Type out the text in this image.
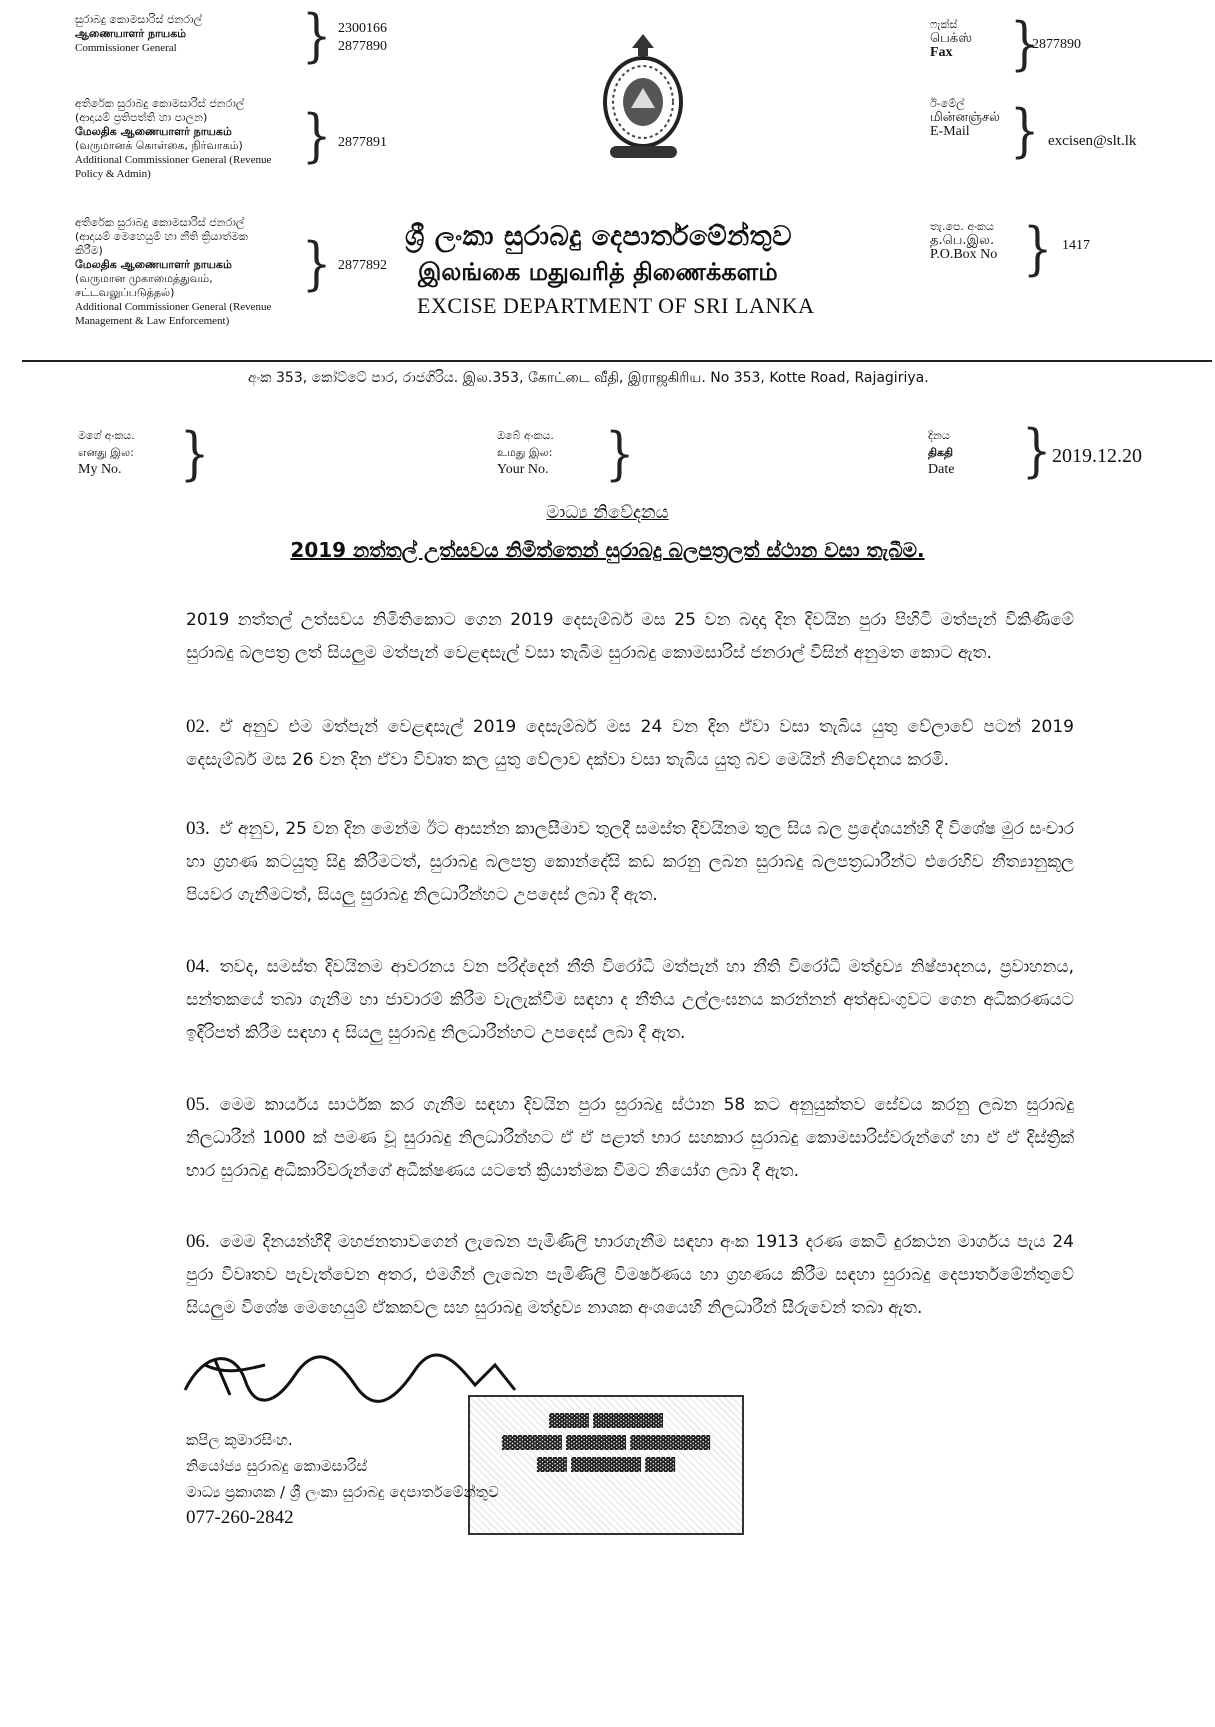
සුරාබදු කොමසාරිස් ජනරාල්
ஆணையாளர் நாயகம்
Commissioner General	} 2300166
2877890
අතිරේක සුරාබදු කොමසාරිස් ජනරාල්
(ආදායම් ප්‍රතිපත්ති හා පාලන)
மேலதிக ஆணையாளர் நாயகம்
(வருமானக் கொள்கை, நிர்வாகம்)
Additional Commissioner General (Revenue
Policy & Admin)
} 2877891
අතිරේක සුරාබදු කොමසාරිස් ජනරාල්
(ආදායම් මෙහෙයුම් හා නීති ක්‍රියාත්මක
කිරීම)
மேலதிக ஆணையாளர் நாயகம்
(வருமான முகாமைத்துவம்,
சட்டவலுப்படுத்தல்)
Additional Commissioner General (Revenue
Management & Law Enforcement)
} 2877892
ශ්‍රී ලංකා සුරාබදු දෙපාර්තමේන්තුව
இலங்கை மதுவரித் திணைக்களம்
EXCISE DEPARTMENT OF SRI LANKA
ෆැක්ස්
பெக்ஸ்
Fax	}
2877890
ඊ-මේල්
மின்னஞ்சல்
E-Mail } excisen@slt.lk
තැ.පෙ. අංකය
த.பெ.இல.
P.O.Box No } 1417
අංක 353, කෝට්ටේ පාර, රාජගිරිය. இல.353, கோட்டை வீதி, இராஜகிரிய. No 353, Kotte Road, Rajagiriya.
මගේ අංකය.
எனது இல:
My No. }	ඔබේ අංකය.
உமது இல:
Your No. }	දිනය
திகதி
Date } 2019.12.20
මාධ්‍ය නිවේදනය
2019 නත්තල් උත්සවය නිමිත්තෙන් සුරාබදු බලපත්‍රලත් ස්ථාන වසා තැබීම.
2019 නත්තල් උත්සවය නිමිතිකොට ගෙන 2019 දෙසැම්බර් මස 25 වන බදාදා දින දිවයින පුරා පිහිටි මත්පැන් විකිණීමේ සුරාබදු බලපත්‍ර ලත් සියලුම මත්පැන් වෙළඳසැල් වසා තැබීම සුරාබදු කොමසාරිස් ජනරාල් විසින් අනුමත කොට ඇත.
02. ඒ අනුව එම මත්පැන් වෙළඳසැල් 2019 දෙසැම්බර් මස 24 වන දින ඒවා වසා තැබිය යුතු වේලාවේ පටන් 2019 දෙසැම්බර් මස 26 වන දින ඒවා විවෘත කල යුතු වේලාව දක්වා වසා තැබිය යුතු බව මෙයින් නිවේදනය කරමි.
03. ඒ අනුව, 25 වන දින මෙන්ම ඊට ආසන්න කාලසීමාව තුලදී සමස්ත දිවයිනම තුල සිය බල ප්‍රදේශයන්හි දී විශේෂ මුර සංචාර හා ග්‍රහණ කටයුතු සිදු කිරීමටත්, සුරාබදු බලපත්‍ර කොන්දේසි කඩ කරනු ලබන සුරාබදු බලපත්‍රධාරීන්ට එරෙහිව නීත්‍යානුකූල පියවර ගැනීමටත්, සියලු සුරාබදු නිලධාරීන්හට උපදෙස් ලබා දී ඇත.
04. තවද, සමස්ත දිවයිනම ආවරනය වන පරිද්දෙන් නීති විරෝධී මත්පැන් හා නීති විරෝධී මත්ද්‍රව්‍ය නිෂ්පාදනය, ප්‍රවාහනය, සන්තකයේ තබා ගැනීම හා ජාවාරම් කිරීම වැලැක්වීම සඳහා ද නීතිය උල්ලංඝනය කරන්නන් අත්අඩංගුවට ගෙන අධිකරණයට ඉදිරිපත් කිරීම සඳහා ද සියලු සුරාබදු නිලධාරීන්හට උපදෙස් ලබා දී ඇත.
05. මෙම කාර්යය සාර්ථක කර ගැනීම සඳහා දිවයින පුරා සුරාබදු ස්ථාන 58 කට අනුයුක්තව සේවය කරනු ලබන සුරාබදු නිලධාරීන් 1000 ක් පමණ වූ සුරාබදු නිලධාරීන්හට ඒ ඒ පළාත් භාර සහකාර සුරාබදු කොමසාරිස්වරුන්ගේ හා ඒ ඒ දිස්ත්‍රික් භාර සුරාබදු අධිකාරිවරුන්ගේ අධීක්ෂණය යටතේ ක්‍රියාත්මක වීමට නියෝග ලබා දී ඇත.
06. මෙම දිනයන්හීදී මහජනතාවගෙන් ලැබෙන පැමිණිලි භාරගැනීම සඳහා අංක 1913 දරණ කෙටි දුරකථන මාර්ගය පැය 24 පුරා විවෘතව පැවැත්වෙන අතර, එමගින් ලැබෙන පැමිණිලි විමර්ෂණය හා ග්‍රහණය කිරීම සඳහා සුරාබදු දෙපාර්තමේන්තුවේ සියලුම විශේෂ මෙහෙයුම් ඒකකවල සහ සුරාබදු මත්ද්‍රව්‍ය නාශක අංශයෙහි නිලධාරීන් සීරුවෙන් තබා ඇත.
▓▓▓▓ ▓▓▓▓▓▓▓
▓▓▓▓▓▓ ▓▓▓▓▓▓ ▓▓▓▓▓▓▓▓
▓▓▓ ▓▓▓▓▓▓▓ ▓▓▓
කපිල කුමාරසිංහ.
නියෝජ්‍ය සුරාබදු කොමසාරිස්
මාධ්‍ය ප්‍රකාශක / ශ්‍රී ලංකා සුරාබදු දෙපාර්තමේන්තුව
077-260-2842
